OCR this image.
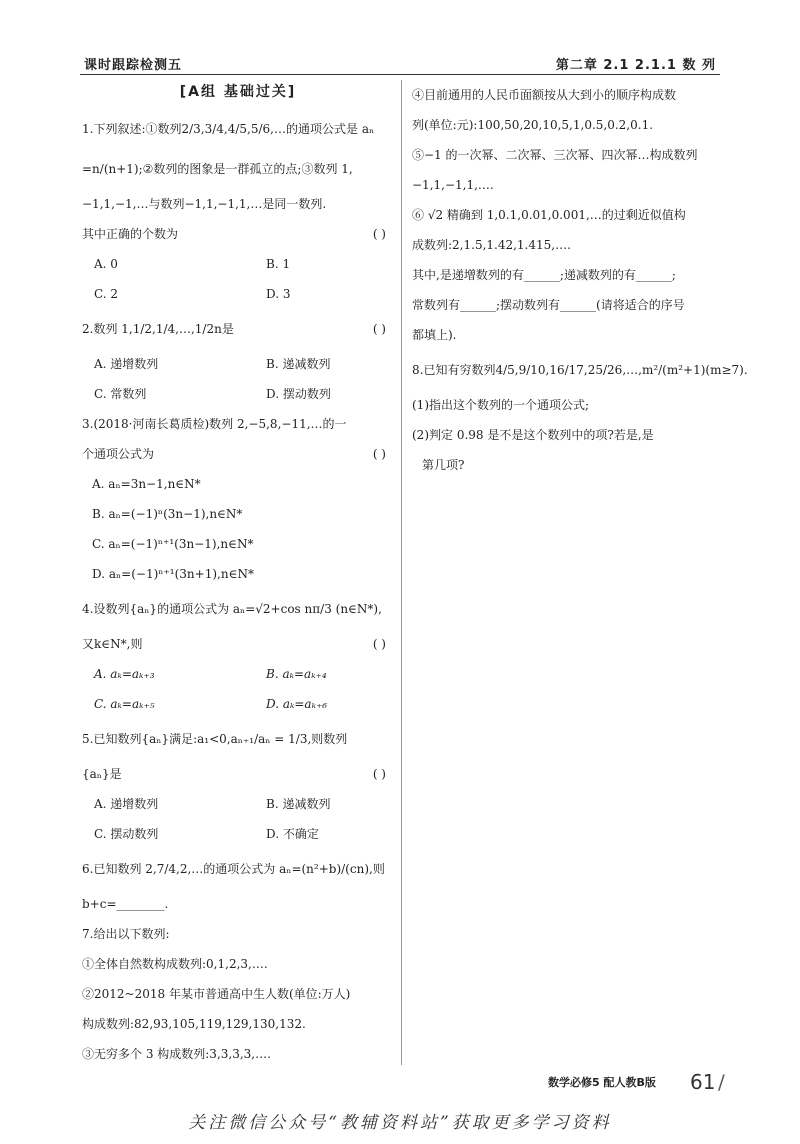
课时跟踪检测五	第二章 2.1 2.1.1 数 列
[A组 基础过关]
1.下列叙述:①数列2/3,3/4,4/5,5/6,…的通项公式是 aₙ
=n/(n+1);②数列的图象是一群孤立的点;③数列 1,
−1,1,−1,…与数列−1,1,−1,1,…是同一数列.
其中正确的个数为	( )
A. 0	B. 1
C. 2	D. 3
2.数列 1,1/2,1/4,…,1/2n是	( )
A. 递增数列	B. 递减数列
C. 常数列	D. 摆动数列
3.(2018·河南长葛质检)数列 2,−5,8,−11,…的一
个通项公式为	( )
A. aₙ=3n−1,n∈N*
B. aₙ=(−1)ⁿ(3n−1),n∈N*
C. aₙ=(−1)ⁿ⁺¹(3n−1),n∈N*
D. aₙ=(−1)ⁿ⁺¹(3n+1),n∈N*
4.设数列{aₙ}的通项公式为 aₙ=√2+cos nπ/3 (n∈N*),
又k∈N*,则	( )
A. aₖ=aₖ₊₃	B. aₖ=aₖ₊₄
C. aₖ=aₖ₊₅	D. aₖ=aₖ₊₆
5.已知数列{aₙ}满足:a₁<0,aₙ₊₁/aₙ = 1/3,则数列
{aₙ}是	( )
A. 递增数列	B. 递减数列
C. 摆动数列	D. 不确定
6.已知数列 2,7/4,2,…的通项公式为 aₙ=(n²+b)/(cn),则
b+c=________.
7.给出以下数列:
①全体自然数构成数列:0,1,2,3,….
②2012~2018 年某市普通高中生人数(单位:万人)
构成数列:82,93,105,119,129,130,132.
③无穷多个 3 构成数列:3,3,3,3,….
④目前通用的人民币面额按从大到小的顺序构成数
列(单位:元):100,50,20,10,5,1,0.5,0.2,0.1.
⑤−1 的一次幂、二次幂、三次幂、四次幂…构成数列
−1,1,−1,1,….
⑥ √2 精确到 1,0.1,0.01,0.001,…的过剩近似值构
成数列:2,1.5,1.42,1.415,….
其中,是递增数列的有______;递减数列的有______;
常数列有______;摆动数列有______(请将适合的序号
都填上).
8.已知有穷数列4/5,9/10,16/17,25/26,…,m²/(m²+1)(m≥7).
(1)指出这个数列的一个通项公式;
(2)判定 0.98 是不是这个数列中的项?若是,是
第几项?
数学必修5 配人教B版	61 /
关注微信公众号“教辅资料站”获取更多学习资料
